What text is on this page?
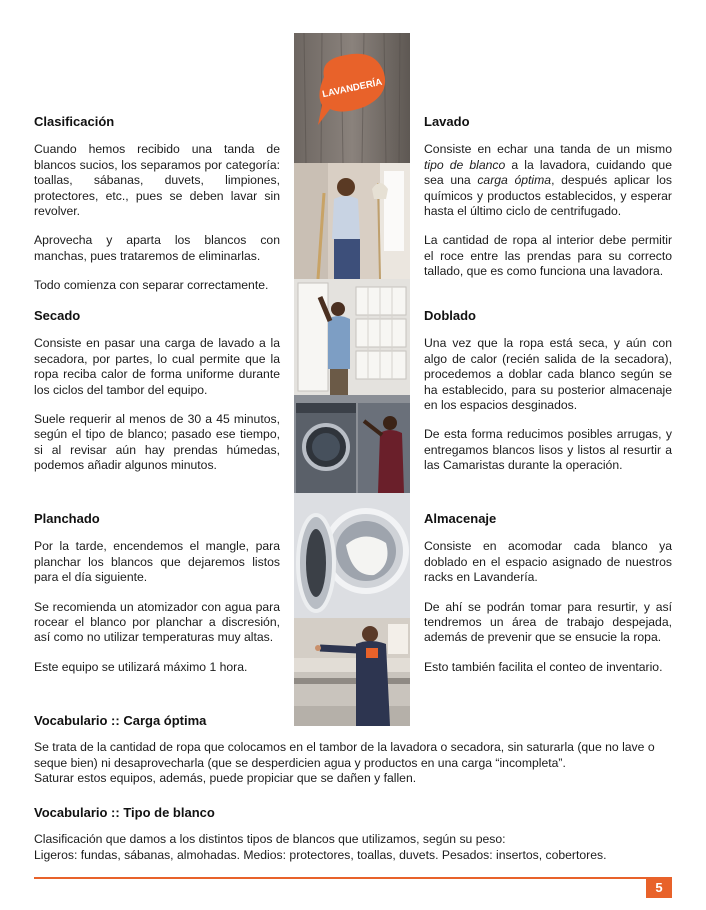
Clasificación

Cuando hemos recibido una tanda de blancos sucios, los separamos por categoría: toallas, sábanas, duvets, limpiones, protectores, etc., pues se deben lavar sin revolver.

Aprovecha y aparta los blancos con manchas, pues trataremos de eliminarlas.

Todo comienza con separar correctamente.

Secado

Consiste en pasar una carga de lavado a la secadora, por partes, lo cual permite que la ropa reciba calor de forma uniforme durante los ciclos del tambor del equipo.

Suele requerir al menos de 30 a 45 minutos, según el tipo de blanco; pasado ese tiempo, si al revisar aún hay prendas húmedas, podemos añadir algunos minutos.

Planchado

Por la tarde, encendemos el mangle, para planchar los blancos que dejaremos listos para el día siguiente.

Se recomienda un atomizador con agua para rocear el blanco por planchar a discresión, así como no utilizar temperaturas muy altas.

Este equipo se utilizará máximo 1 hora.

Lavado

Consiste en echar una tanda de un mismo tipo de blanco a la lavadora, cuidando que sea una carga óptima, después aplicar los químicos y productos establecidos, y esperar hasta el último ciclo de centrifugado.

La cantidad de ropa al interior debe permitir el roce entre las prendas para su correcto tallado, que es como funciona una lavadora.

Doblado

Una vez que la ropa está seca, y aún con algo de calor (recién salida de la secadora), procedemos a doblar cada blanco según se ha establecido, para su posterior almacenaje en los espacios desginados.

De esta forma reducimos posibles arrugas, y entregamos blancos lisos y listos al resurtir a las Camaristas durante la operación.

Almacenaje

Consiste en acomodar cada blanco ya doblado en el espacio asignado de nuestros racks en Lavandería.

De ahí se podrán tomar para resurtir, y así tendremos un área de trabajo despejada, además de prevenir que se ensucie la ropa.

Esto también facilita el conteo de inventario.

LAVANDERÍA
Vocabulario :: Carga óptima

Se trata de la cantidad de ropa que colocamos en el tambor de la lavadora o secadora, sin saturarla (que no lave o seque bien) ni desaprovecharla (que se desperdicien agua y productos en una carga “incompleta”.

Saturar estos equipos, además, puede propiciar que se dañen y fallen.

Vocabulario :: Tipo de blanco

Clasificación que damos a los distintos tipos de blancos que utilizamos, según su peso:

Ligeros: fundas, sábanas, almohadas. Medios: protectores, toallas, duvets. Pesados: insertos, cobertores.

5
